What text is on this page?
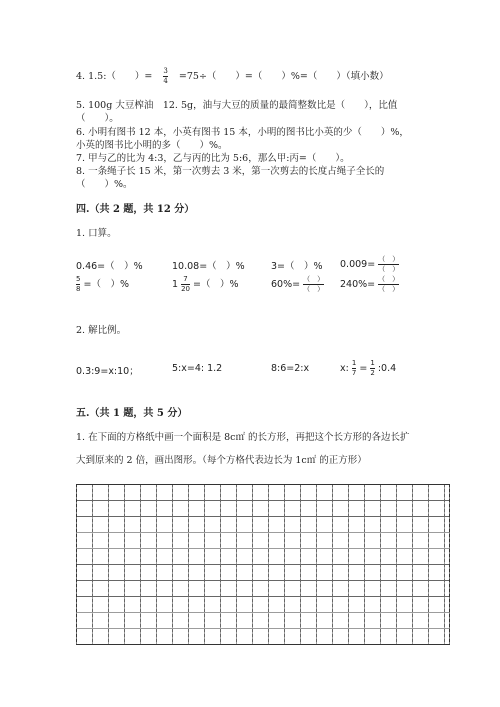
4. 1.5:（　　）= $\frac{3}{4} =75\div$（　　）=（　　）%=（　　）（填小数）
5. 100g 大豆榨油　12. 5g，油与大豆的质量的最简整数比是（　　），比值
（　　）。
6. 小明有图书 12 本，小英有图书 15 本，小明的图书比小英的少（　　）%，
小英的图书比小明的多（　　）%。
7. 甲与乙的比为 4:3，乙与丙的比为 5:6，那么甲:丙=（　　）。
8. 一条绳子长 15 米，第一次剪去 3 米，第一次剪去的长度占绳子全长的
（　　）%。
四.（共 2 题，共 12 分）
1. 口算。
0.46=（　）%	10.08=（　）%	3=（　）% $0.009= \frac{( )}{( )}$
$\frac{5}{8}$ =（　）%	$1 \frac{7}{20}$ =（　）%	$60\%= \frac{( )}{( )} 240\%= \frac{( )}{( )}$
2. 解比例。
0.3:9=x:10；	5:x=4: 1.2	8:6=2:x	x: $\frac{1}{7} = \frac{1}{2}$ :0.4
五.（共 1 题，共 5 分）
1. 在下面的方格纸中画一个面积是 8c㎡ 的长方形，再把这个长方形的各边长扩
大到原来的 2 倍，画出图形。（每个方格代表边长为 1c㎡ 的正方形）
